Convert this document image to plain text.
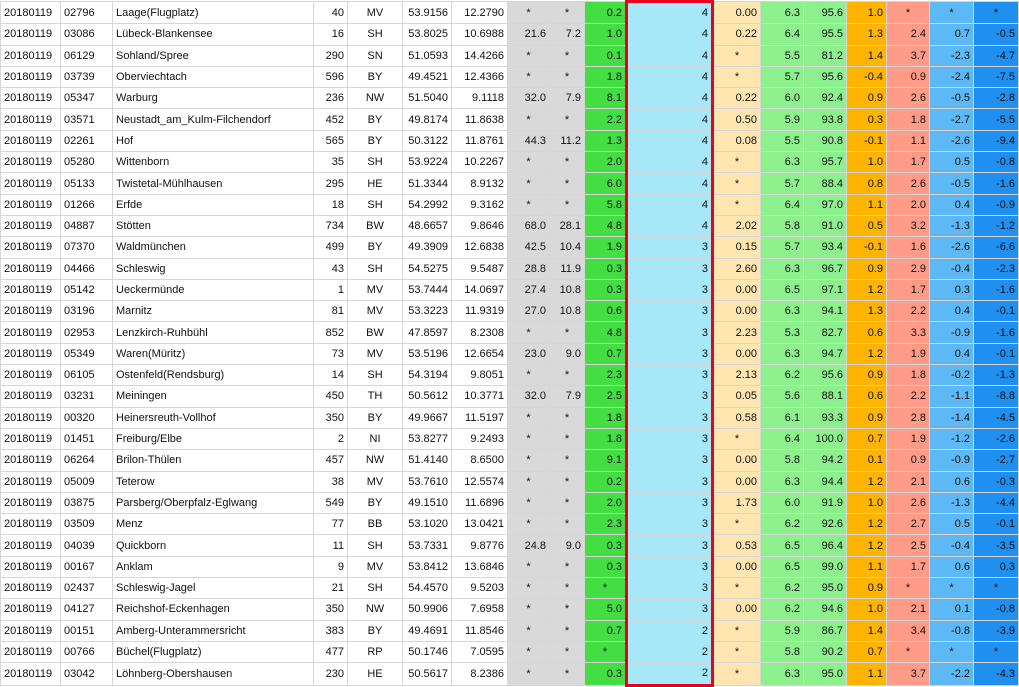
20180119	02796	Laage(Flugplatz)	40	MV	53.9156	12.2790	*	*	0.2	4	0.00	6.3	95.6	1.0	*	*	*
20180119	03086	Lübeck-Blankensee	16	SH	53.8025	10.6988	21.6	7.2	1.0	4	0.22	6.4	95.5	1.3	2.4	0.7	-0.5
20180119	06129	Sohland/Spree	290	SN	51.0593	14.4266	*	*	0.1	4	*	5.5	81.2	1.4	3.7	-2.3	-4.7
20180119	03739	Oberviechtach	596	BY	49.4521	12.4366	*	*	1.8	4	*	5.7	95.6	-0.4	0.9	-2.4	-7.5
20180119	05347	Warburg	236	NW	51.5040	9.1118	32.0	7.9	8.1	4	0.22	6.0	92.4	0.9	2.6	-0.5	-2.8
20180119	03571	Neustadt_am_Kulm-Filchendorf	452	BY	49.8174	11.8638	*	*	2.2	4	0.50	5.9	93.8	0.3	1.8	-2.7	-5.5
20180119	02261	Hof	565	BY	50.3122	11.8761	44.3	11.2	1.3	4	0.08	5.5	90.8	-0.1	1.1	-2.6	-9.4
20180119	05280	Wittenborn	35	SH	53.9224	10.2267	*	*	2.0	4	*	6.3	95.7	1.0	1.7	0.5	-0.8
20180119	05133	Twistetal-Mühlhausen	295	HE	51.3344	8.9132	*	*	6.0	4	*	5.7	88.4	0.8	2.6	-0.5	-1.6
20180119	01266	Erfde	18	SH	54.2992	9.3162	*	*	5.8	4	*	6.4	97.0	1.1	2.0	0.4	-0.9
20180119	04887	Stötten	734	BW	48.6657	9.8646	68.0	28.1	4.8	4	2.02	5.8	91.0	0.5	3.2	-1.3	-1.2
20180119	07370	Waldmünchen	499	BY	49.3909	12.6838	42.5	10.4	1.9	3	0.15	5.7	93.4	-0.1	1.6	-2.6	-6.6
20180119	04466	Schleswig	43	SH	54.5275	9.5487	28.8	11.9	0.3	3	2.60	6.3	96.7	0.9	2.9	-0.4	-2.3
20180119	05142	Ueckermünde	1	MV	53.7444	14.0697	27.4	10.8	0.3	3	0.00	6.5	97.1	1.2	1.7	0.3	-1.6
20180119	03196	Marnitz	81	MV	53.3223	11.9319	27.0	10.8	0.6	3	0.00	6.3	94.1	1.3	2.2	0.4	-0.1
20180119	02953	Lenzkirch-Ruhbühl	852	BW	47.8597	8.2308	*	*	4.8	3	2.23	5.3	82.7	0.6	3.3	-0.9	-1.6
20180119	05349	Waren(Müritz)	73	MV	53.5196	12.6654	23.0	9.0	0.7	3	0.00	6.3	94.7	1.2	1.9	0.4	-0.1
20180119	06105	Ostenfeld(Rendsburg)	14	SH	54.3194	9.8051	*	*	2.3	3	2.13	6.2	95.6	0.9	1.8	-0.2	-1.3
20180119	03231	Meiningen	450	TH	50.5612	10.3771	32.0	7.9	2.5	3	0.05	5.6	88.1	0.6	2.2	-1.1	-8.8
20180119	00320	Heinersreuth-Vollhof	350	BY	49.9667	11.5197	*	*	1.8	3	0.58	6.1	93.3	0.9	2.8	-1.4	-4.5
20180119	01451	Freiburg/Elbe	2	NI	53.8277	9.2493	*	*	1.8	3	*	6.4	100.0	0.7	1.9	-1.2	-2.6
20180119	06264	Brilon-Thülen	457	NW	51.4140	8.6500	*	*	9.1	3	0.00	5.8	94.2	0.1	0.9	-0.9	-2.7
20180119	05009	Teterow	38	MV	53.7610	12.5574	*	*	0.2	3	0.00	6.3	94.4	1.2	2.1	0.6	-0.3
20180119	03875	Parsberg/Oberpfalz-Eglwang	549	BY	49.1510	11.6896	*	*	2.0	3	1.73	6.0	91.9	1.0	2.6	-1.3	-4.4
20180119	03509	Menz	77	BB	53.1020	13.0421	*	*	2.3	3	*	6.2	92.6	1.2	2.7	0.5	-0.1
20180119	04039	Quickborn	11	SH	53.7331	9.8776	24.8	9.0	0.3	3	0.53	6.5	96.4	1.2	2.5	-0.4	-3.5
20180119	00167	Anklam	9	MV	53.8412	13.6846	*	*	0.3	3	0.00	6.5	99.0	1.1	1.7	0.6	0.3
20180119	02437	Schleswig-Jagel	21	SH	54.4570	9.5203	*	*	*	3	*	6.2	95.0	0.9	*	*	*
20180119	04127	Reichshof-Eckenhagen	350	NW	50.9906	7.6958	*	*	5.0	3	0.00	6.2	94.6	1.0	2.1	0.1	-0.8
20180119	00151	Amberg-Unterammersricht	383	BY	49.4691	11.8546	*	*	0.7	2	*	5.9	86.7	1.4	3.4	-0.8	-3.9
20180119	00766	Büchel(Flugplatz)	477	RP	50.1746	7.0595	*	*	*	2	*	5.8	90.2	0.7	*	*	*
20180119	03042	Löhnberg-Obershausen	230	HE	50.5617	8.2386	*	*	0.3	2	*	6.3	95.0	1.1	3.7	-2.2	-4.3
